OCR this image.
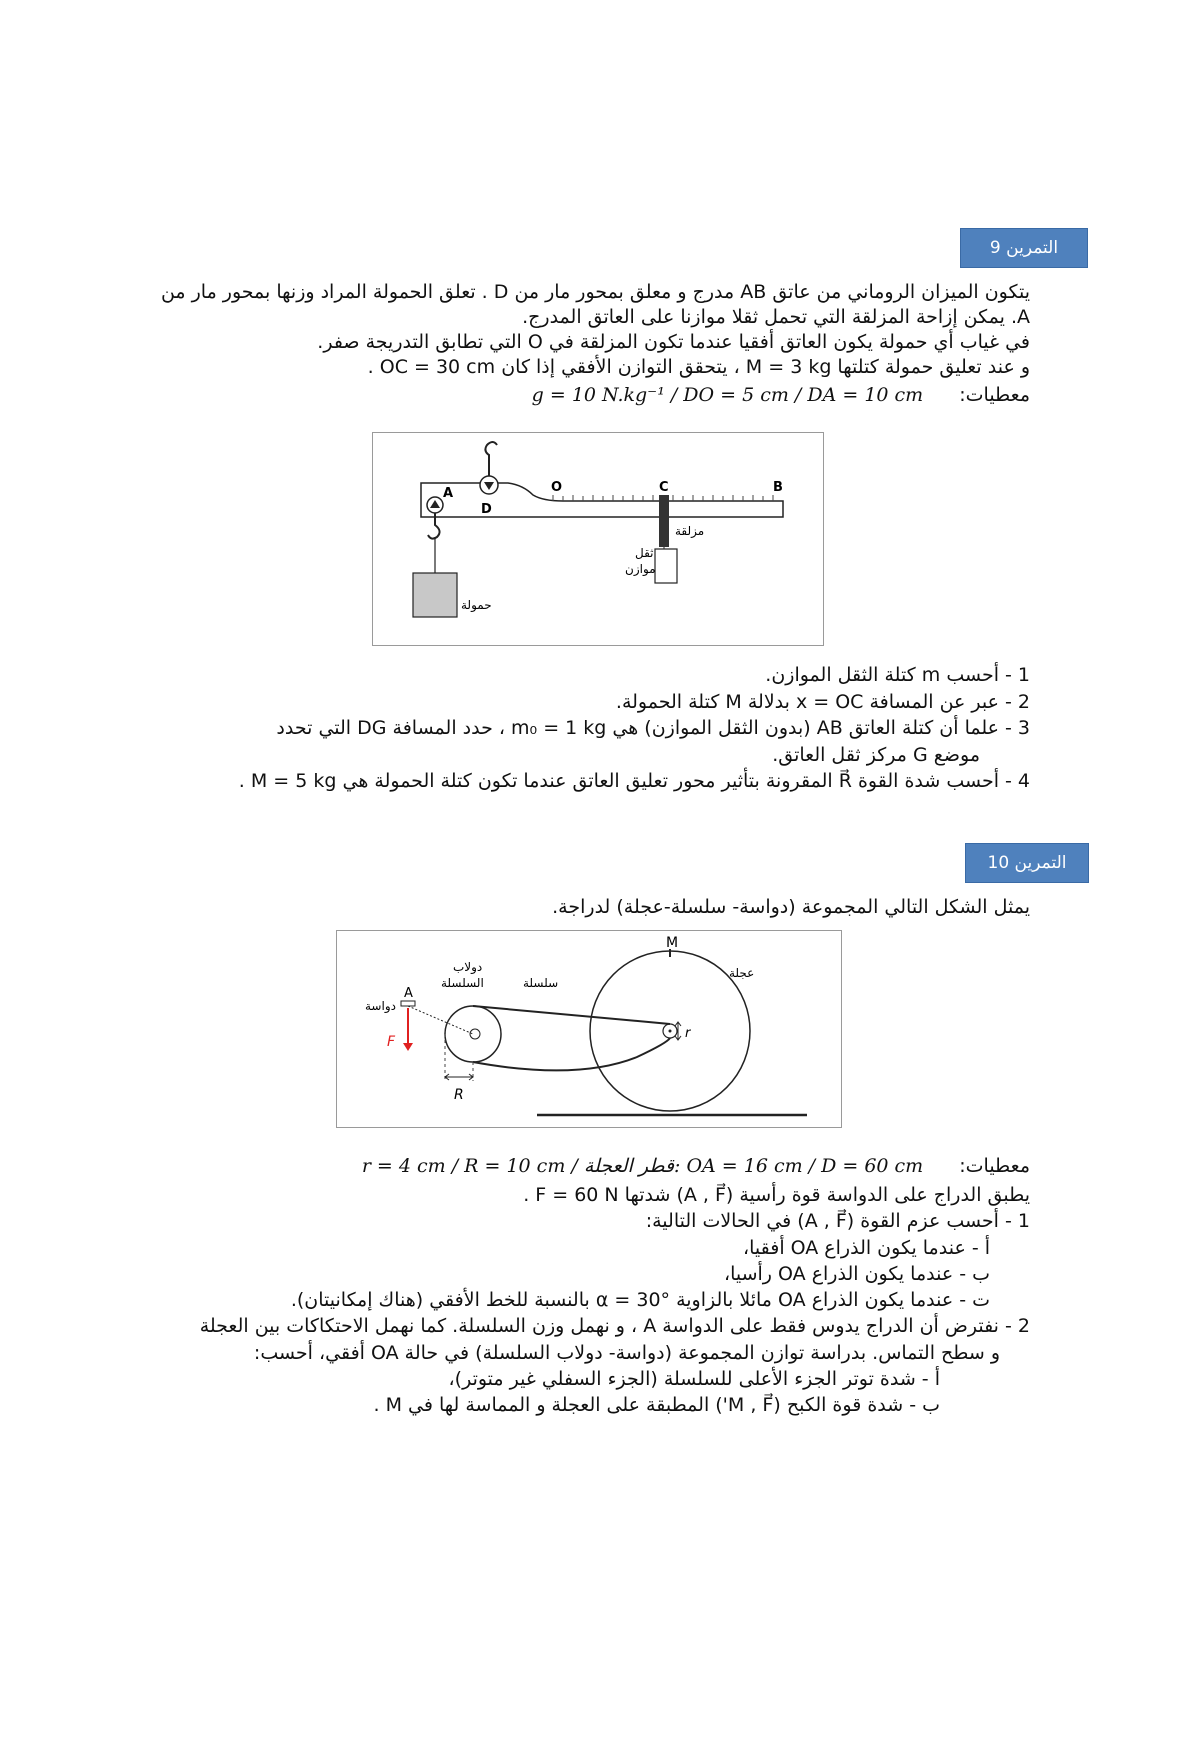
التمرين 9
يتكون الميزان الروماني من عاتق AB مدرج و معلق بمحور مار من D . تعلق الحمولة المراد وزنها بمحور مار من
A. يمكن إزاحة المزلقة التي تحمل ثقلا موازنا على العاتق المدرج.
في غياب أي حمولة يكون العاتق أفقيا عندما تكون المزلقة في O التي تطابق التدريجة صفر.
و عند تعليق حمولة كتلتها M = 3 kg ، يتحقق التوازن الأفقي إذا كان OC = 30 cm .
معطيات: g = 10 N.kg⁻¹ / DO = 5 cm / DA = 10 cm
A
D
O	C	B
مزلقة
ثقل
موازن
حمولة
1 - أحسب m كتلة الثقل الموازن.
2 - عبر عن المسافة x = OC بدلالة M كتلة الحمولة.
3 - علما أن كتلة العاتق AB (بدون الثقل الموازن) هي m₀ = 1 kg ، حدد المسافة DG التي تحدد
موضع G مركز ثقل العاتق.
4 - أحسب شدة القوة R⃗ المقرونة بتأثير محور تعليق العاتق عندما تكون كتلة الحمولة هي M = 5 kg .
التمرين 10
يمثل الشكل التالي المجموعة (دواسة- سلسلة-عجلة) لدراجة.
M
عجلة
سلسلة
دولاب
السلسلة
A
دواسة
F
R
r
معطيات: OA = 16 cm / D = 60 cm :قطر العجلة / r = 4 cm / R = 10 cm
يطبق الدراج على الدواسة قوة رأسية (A , F⃗) شدتها F = 60 N .
1 - أحسب عزم القوة (A , F⃗) في الحالات التالية:
أ - عندما يكون الذراع OA أفقيا،
ب - عندما يكون الذراع OA رأسيا،
ت - عندما يكون الذراع OA مائلا بالزاوية α = 30° بالنسبة للخط الأفقي (هناك إمكانيتان).
2 - نفترض أن الدراج يدوس فقط على الدواسة A ، و نهمل وزن السلسلة. كما نهمل الاحتكاكات بين العجلة
و سطح التماس. بدراسة توازن المجموعة (دواسة- دولاب السلسلة) في حالة OA أفقي، أحسب:
أ - شدة توتر الجزء الأعلى للسلسلة (الجزء السفلي غير متوتر)،
ب - شدة قوة الكبح (M , F⃗') المطبقة على العجلة و المماسة لها في M .
